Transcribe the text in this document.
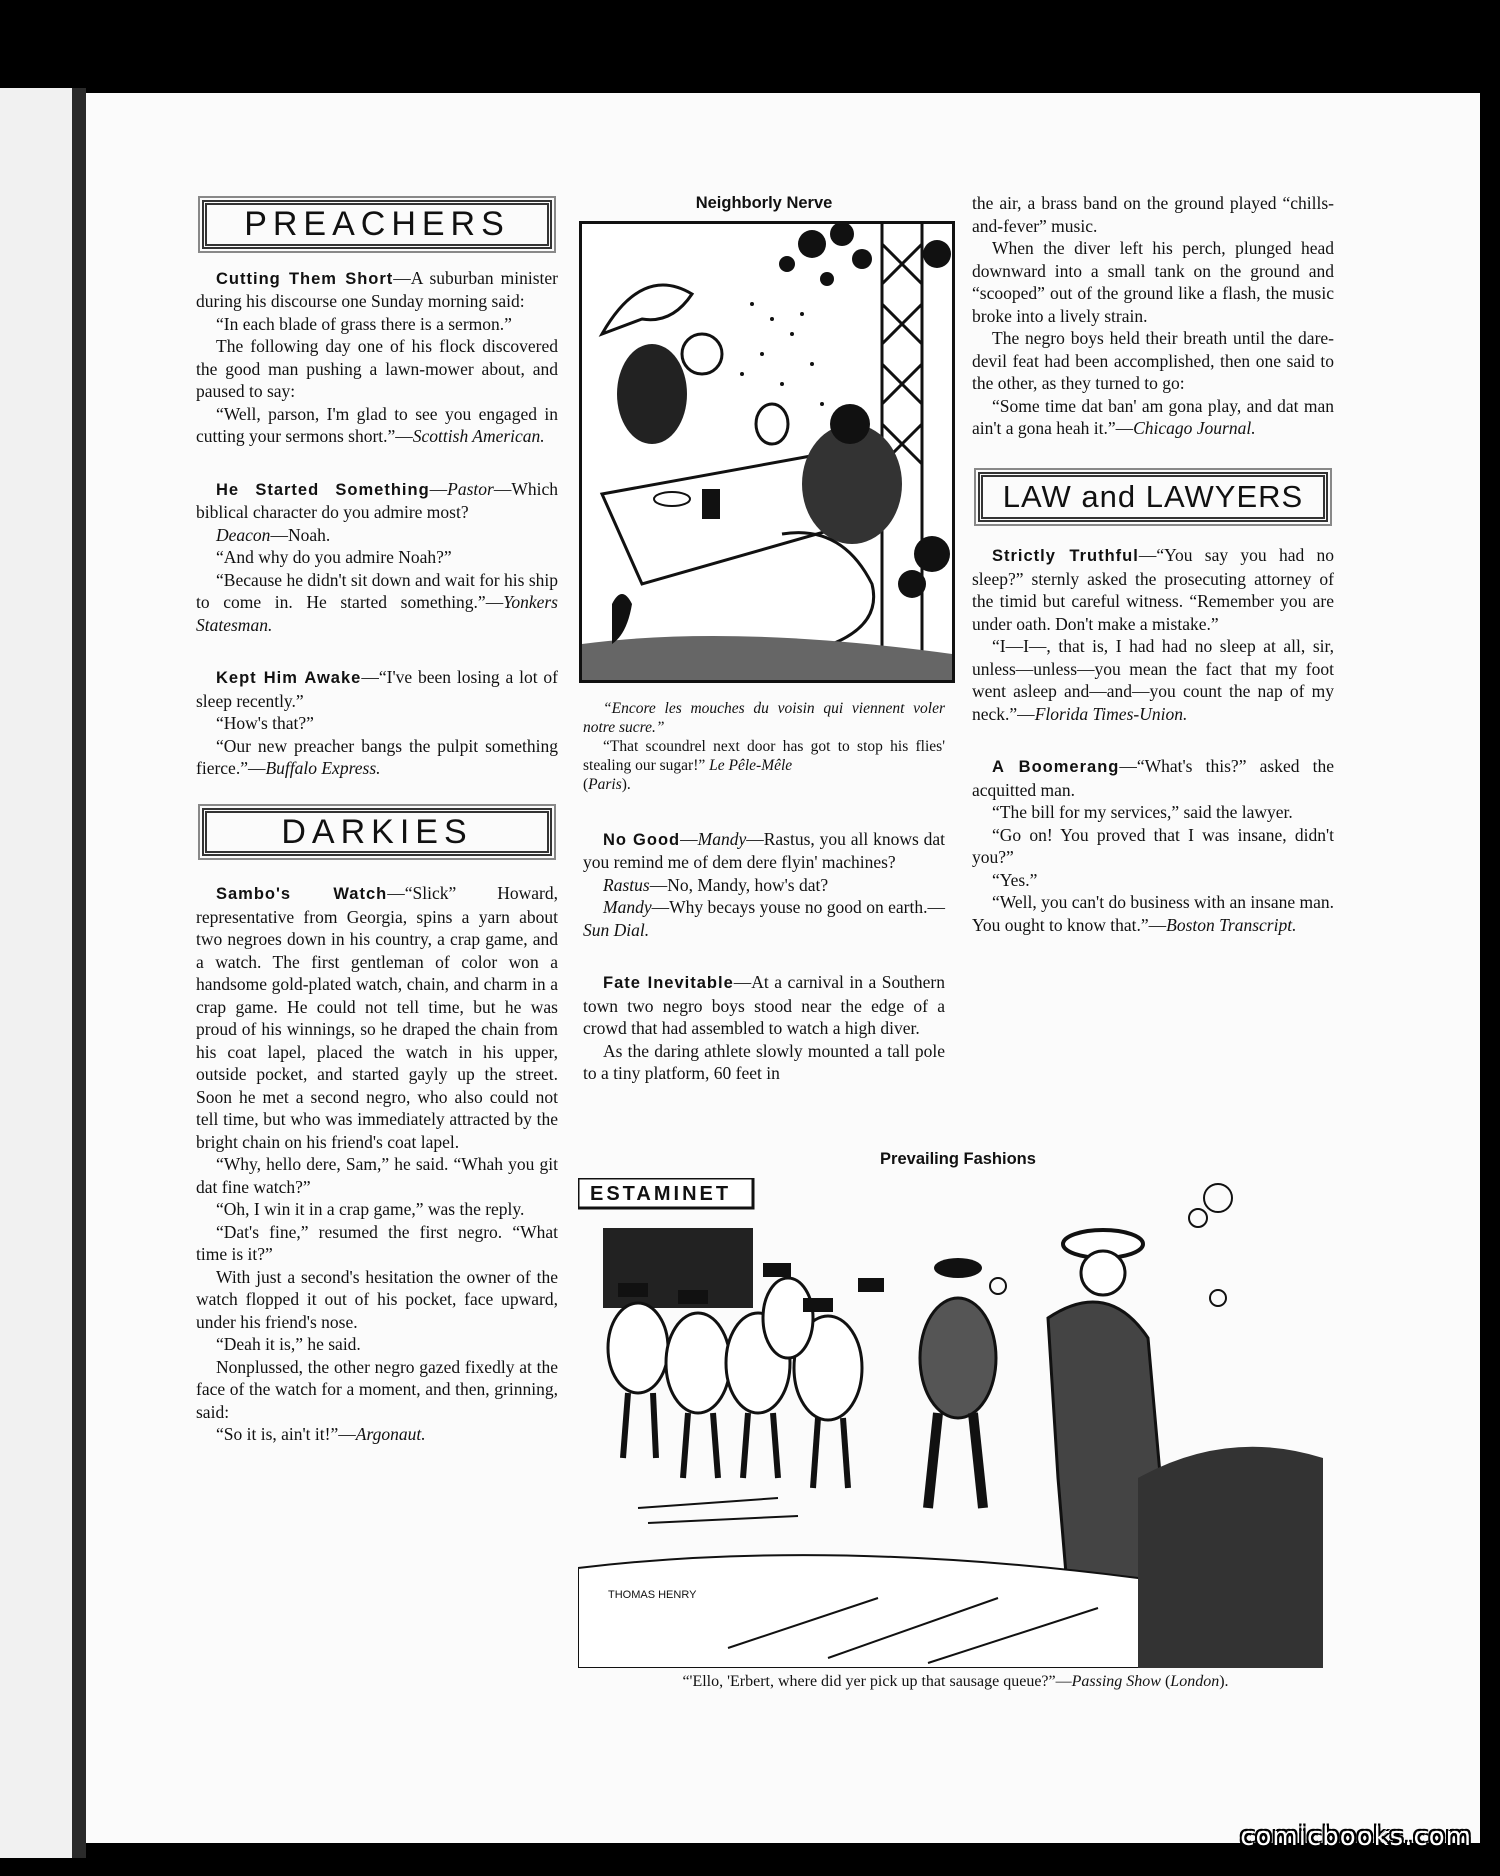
PREACHERS

Cutting Them Short—A suburban minister during his discourse one Sunday morning said:

“In each blade of grass there is a sermon.”

The following day one of his flock discovered the good man pushing a lawn-mower about, and paused to say:

“Well, parson, I'm glad to see you engaged in cutting your sermons short.”—Scottish American.

He Started Something—Pastor—Which biblical character do you admire most?

Deacon—Noah.

“And why do you admire Noah?”

“Because he didn't sit down and wait for his ship to come in. He started something.”—Yonkers Statesman.

Kept Him Awake—“I've been losing a lot of sleep recently.”

“How's that?”

“Our new preacher bangs the pulpit something fierce.”—Buffalo Express.

DARKIES

Sambo's Watch—“Slick” Howard, representative from Georgia, spins a yarn about two negroes down in his country, a crap game, and a watch. The first gentleman of color won a handsome gold-plated watch, chain, and charm in a crap game. He could not tell time, but he was proud of his winnings, so he draped the chain from his coat lapel, placed the watch in his upper, outside pocket, and started gayly up the street. Soon he met a second negro, who also could not tell time, but who was immediately attracted by the bright chain on his friend's coat lapel.

“Why, hello dere, Sam,” he said. “Whah you git dat fine watch?”

“Oh, I win it in a crap game,” was the reply.

“Dat's fine,” resumed the first negro. “What time is it?”

With just a second's hesitation the owner of the watch flopped it out of his pocket, face upward, under his friend's nose.

“Deah it is,” he said.

Nonplussed, the other negro gazed fixedly at the face of the watch for a moment, and then, grinning, said:

“So it is, ain't it!”—Argonaut.

Neighborly Nerve

“Encore les mouches du voisin qui viennent voler notre sucre.”

“That scoundrel next door has got to stop his flies' stealing our sugar!” Le Pêle-Mêle
(Paris).

No Good—Mandy—Rastus, you all knows dat you remind me of dem dere flyin' machines?

Rastus—No, Mandy, how's dat?

Mandy—Why becays youse no good on earth.—Sun Dial.

Fate Inevitable—At a carnival in a Southern town two negro boys stood near the edge of a crowd that had assembled to watch a high diver.

As the daring athlete slowly mounted a tall pole to a tiny platform, 60 feet in

the air, a brass band on the ground played “chills-and-fever” music.

When the diver left his perch, plunged head downward into a small tank on the ground and “scooped” out of the ground like a flash, the music broke into a lively strain.

The negro boys held their breath until the dare-devil feat had been accomplished, then one said to the other, as they turned to go:

“Some time dat ban' am gona play, and dat man ain't a gona heah it.”—Chicago Journal.

LAW and LAWYERS

Strictly Truthful—“You say you had no sleep?” sternly asked the prosecuting attorney of the timid but careful witness. “Remember you are under oath. Don't make a mistake.”

“I—I—, that is, I had had no sleep at all, sir, unless—unless—you mean the fact that my foot went asleep and—and—you count the nap of my neck.”—Florida Times-Union.

A Boomerang—“What's this?” asked the acquitted man.

“The bill for my services,” said the lawyer.

“Go on! You proved that I was insane, didn't you?”

“Yes.”

“Well, you can't do business with an insane man. You ought to know that.”—Boston Transcript.

Prevailing Fashions
ESTAMINET
THOMAS HENRY
“'Ello, 'Erbert, where did yer pick up that sausage queue?”—Passing Show (London).
comicbooks.com
